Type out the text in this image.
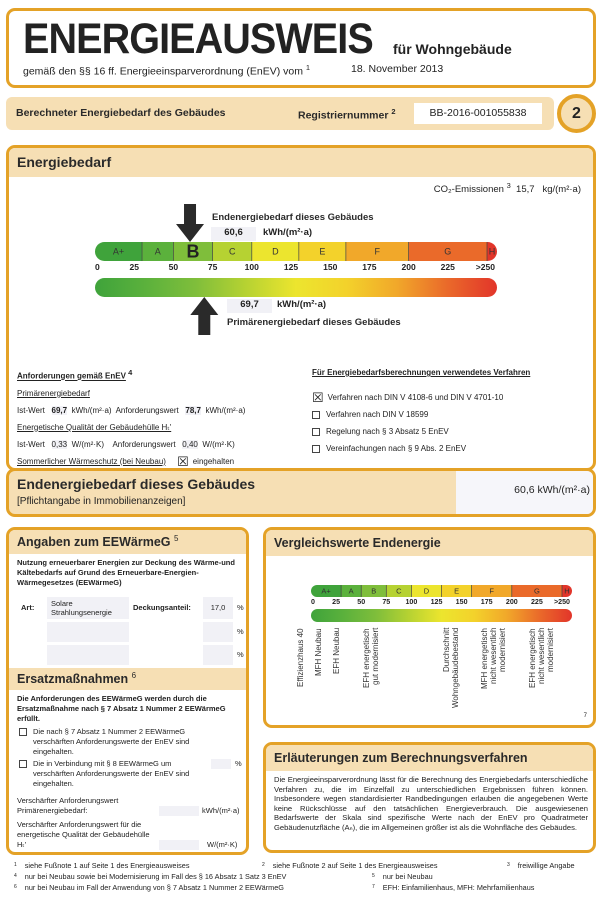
ENERGIEAUSWEIS für Wohngebäude
gemäß den §§ 16 ff. Energieeinsparverordnung (EnEV) vom $^1$	18. November 2013
Berechneter Energiebedarf des Gebäudes	Registriernummer $^2$	BB-2016-001055838	2
Energiebedarf
CO₂-Emissionen $^3$ 15,7 kg/(m²·a)
Endenergiebedarf dieses Gebäudes
60,6	kWh/(m²·a)
69,7	kWh/(m²·a)
Primärenergiebedarf dieses Gebäudes
A+	A B	C	D	E	F	G	H
0	25	50	75	100	125	150	175	200	225 >250
Anforderungen gemäß EnEV $^4$
Primärenergiebedarf
Ist-Wert 69,7 kWh/(m²·a) Anforderungswert 78,7 kWh/(m²·a)
Energetische Qualität der Gebäudehülle Hₜ'
Ist-Wert 0,33 W/(m²·K) Anforderungswert 0,40 W/(m²·K)
Sommerlicher Wärmeschutz (bei Neubau) ☒ eingehalten
Für Energiebedarfsberechnungen verwendetes Verfahren
☒ Verfahren nach DIN V 4108-6 und DIN V 4701-10
Verfahren nach DIN V 18599
Regelung nach § 3 Absatz 5 EnEV
Vereinfachungen nach § 9 Abs. 2 EnEV
Endenergiebedarf dieses Gebäudes
[Pflichtangabe in Immobilienanzeigen]
60,6 kWh/(m²·a)
Angaben zum EEWärmeG $^5$
Nutzung erneuerbarer Energien zur Deckung des Wärme-und Kältebedarfs auf Grund des Erneuerbare-Energien-Wärmegesetzes (EEWärmeG)
Art:	Solare Strahlungsenergie
Deckungsanteil:	17,0	%
%
%
Ersatzmaßnahmen $^6$
Die Anforderungen des EEWärmeG werden durch die Ersatzmaßnahme nach § 7 Absatz 1 Nummer 2 EEWärmeG erfüllt.
Die nach § 7 Absatz 1 Nummer 2 EEWärmeG verschärften Anforderungswerte der EnEV sind eingehalten.
Die in Verbindung mit § 8 EEWärmeG um verschärften Anforderungswerte der EnEV sind eingehalten.
%
Verschärfter Anforderungswert Primärenergiebedarf:	kWh/(m²·a)
Verschärfter Anforderungswert für die energetische Qualität der Gebäudehülle Hₜ'	W/(m²·K)
Vergleichswerte Endenergie
A+ A B	C	D	E	F	G	H
0 25 50 75 100 125 150 175 200 225 >250
Effizienzhaus 40 MFH Neubau EFH Neubau
EFH energetisch
gut modernisiert	Durchschnitt
Wohngebäudebestand	MFH energetisch
nicht wesentlich
modernisiert
EFH energetisch
nicht wesentlich
modernisiert
7
Erläuterungen zum Berechnungsverfahren
Die Energieeinsparverordnung lässt für die Berechnung des Energiebedarfs unterschiedliche Verfahren zu, die im Einzelfall zu unterschiedlichen Ergebnissen führen können. Insbesondere wegen standardisierter Randbedingungen erlauben die angegebenen Werte keine Rückschlüsse auf den tatsächlichen Energieverbrauch. Die ausgewiesenen Bedarfswerte der Skala sind spezifische Werte nach der EnEV pro Quadratmeter Gebäudenutzfläche (Aₙ), die im Allgemeinen größer ist als die Wohnfläche des Gebäudes.
$^1$ siehe Fußnote 1 auf Seite 1 des Energieausweises	$^2$ siehe Fußnote 2 auf Seite 1 des Energieausweises	$^3$ freiwillige Angabe
$^4$ nur bei Neubau sowie bei Modernisierung im Fall des § 16 Absatz 1 Satz 3 EnEV	$^5$ nur bei Neubau
$^6$ nur bei Neubau im Fall der Anwendung von § 7 Absatz 1 Nummer 2 EEWärmeG	$^7$ EFH: Einfamilienhaus, MFH: Mehrfamilienhaus
